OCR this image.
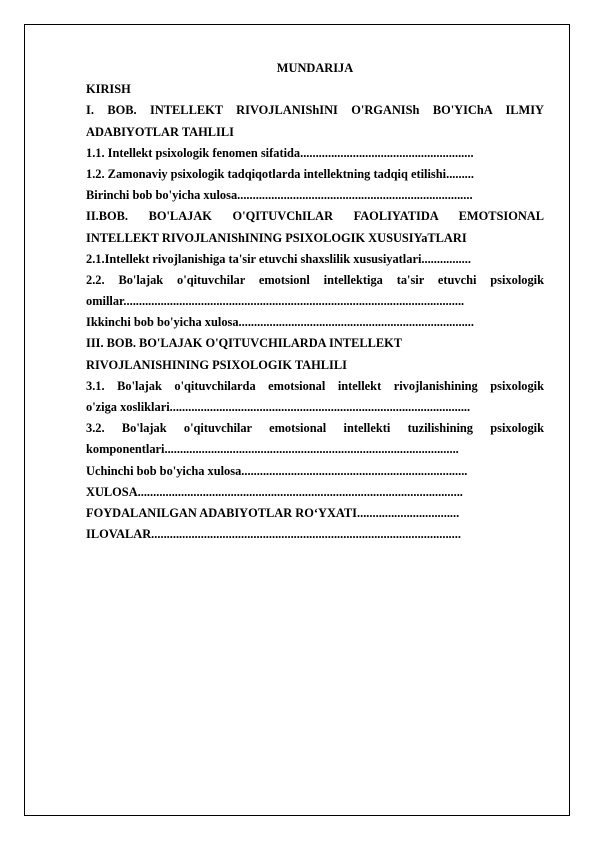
MUNDARIJA
KIRISH
I. BOB. INTELLEKT RIVOJLANIShINI O'RGANISh BO'YIChA ILMIY
ADABIYOTLAR TAHLILI
1.1. Intellekt psixologik fenomen sifatida........................................................
1.2. Zamonaviy psixologik tadqiqotlarda intellektning tadqiq etilishi.........
Birinchi bob bo'yicha xulosa............................................................................
II.BOB. BO'LAJAK O'QITUVChILAR FAOLIYATIDA EMOTSIONAL
INTELLEKT RIVOJLANIShINING PSIXOLOGIK XUSUSIYaTLARI
2.1.Intellekt rivojlanishiga ta'sir etuvchi shaxslilik xususiyatlari................
2.2. Bo'lajak o'qituvchilar emotsionl intellektiga ta'sir etuvchi psixologik
omillar..............................................................................................................
Ikkinchi bob bo'yicha xulosa............................................................................
III. BOB. BO'LAJAK O'QITUVCHILARDA INTELLEKT
RIVOJLANISHINING PSIXOLOGIK TAHLILI
3.1. Bo'lajak o'qituvchilarda emotsional intellekt rivojlanishining psixologik
o'ziga xosliklari.................................................................................................
3.2. Bo'lajak o'qituvchilar emotsional intellekti tuzilishining psixologik
komponentlari...............................................................................................
Uchinchi bob bo'yicha xulosa.........................................................................
XULOSA.........................................................................................................
FOYDALANILGAN ADABIYOTLAR RO‘YXATI.................................
ILOVALAR....................................................................................................
